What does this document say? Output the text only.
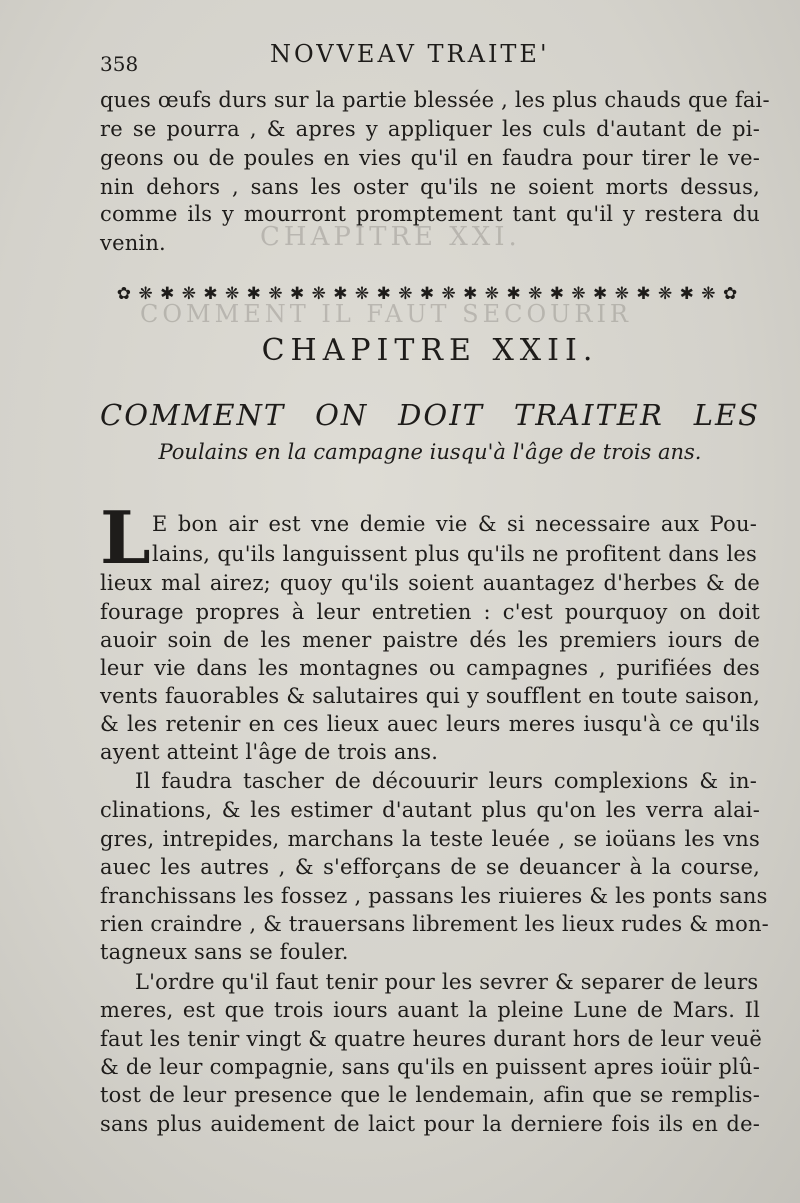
CHAPITRE XXI.
COMMENT IL FAUT SECOURIR
358	NOVVEAV TRAITE'
ques œufs durs sur la partie blessée , les plus chauds que fai-
re se pourra , & apres y appliquer les culs d'autant de pi-
geons ou de poules en vies qu'il en faudra pour tirer le ve-
nin dehors , sans les oster qu'ils ne soient morts dessus,
comme ils y mourront promptement tant qu'il y restera du
venin.
✿ ❋ ✱ ❋ ✱ ❋ ✱ ❋ ✱ ❋ ✱ ❋ ✱ ❋ ✱ ❋ ✱ ❋ ✱ ❋ ✱ ❋ ✱ ❋ ✱ ❋ ✱ ❋ ✿
CHAPITRE XXII.
COMMENT ON DOIT TRAITER LES
Poulains en la campagne iusqu'à l'âge de trois ans.
L E bon air est vne demie vie & si necessaire aux Pou-
lains, qu'ils languissent plus qu'ils ne profitent dans les
lieux mal airez; quoy qu'ils soient auantagez d'herbes & de
fourage propres à leur entretien : c'est pourquoy on doit
auoir soin de les mener paistre dés les premiers iours de
leur vie dans les montagnes ou campagnes , purifiées des
vents fauorables & salutaires qui y soufflent en toute saison,
& les retenir en ces lieux auec leurs meres iusqu'à ce qu'ils
ayent atteint l'âge de trois ans.
Il faudra tascher de découurir leurs complexions & in-
clinations, & les estimer d'autant plus qu'on les verra alai-
gres, intrepides, marchans la teste leuée , se ioüans les vns
auec les autres , & s'efforçans de se deuancer à la course,
franchissans les fossez , passans les riuieres & les ponts sans
rien craindre , & trauersans librement les lieux rudes & mon-
tagneux sans se fouler.
L'ordre qu'il faut tenir pour les sevrer & separer de leurs
meres, est que trois iours auant la pleine Lune de Mars. Il
faut les tenir vingt & quatre heures durant hors de leur veuë
& de leur compagnie, sans qu'ils en puissent apres ioüir plû-
tost de leur presence que le lendemain, afin que se remplis-
sans plus auidement de laict pour la derniere fois ils en de-
